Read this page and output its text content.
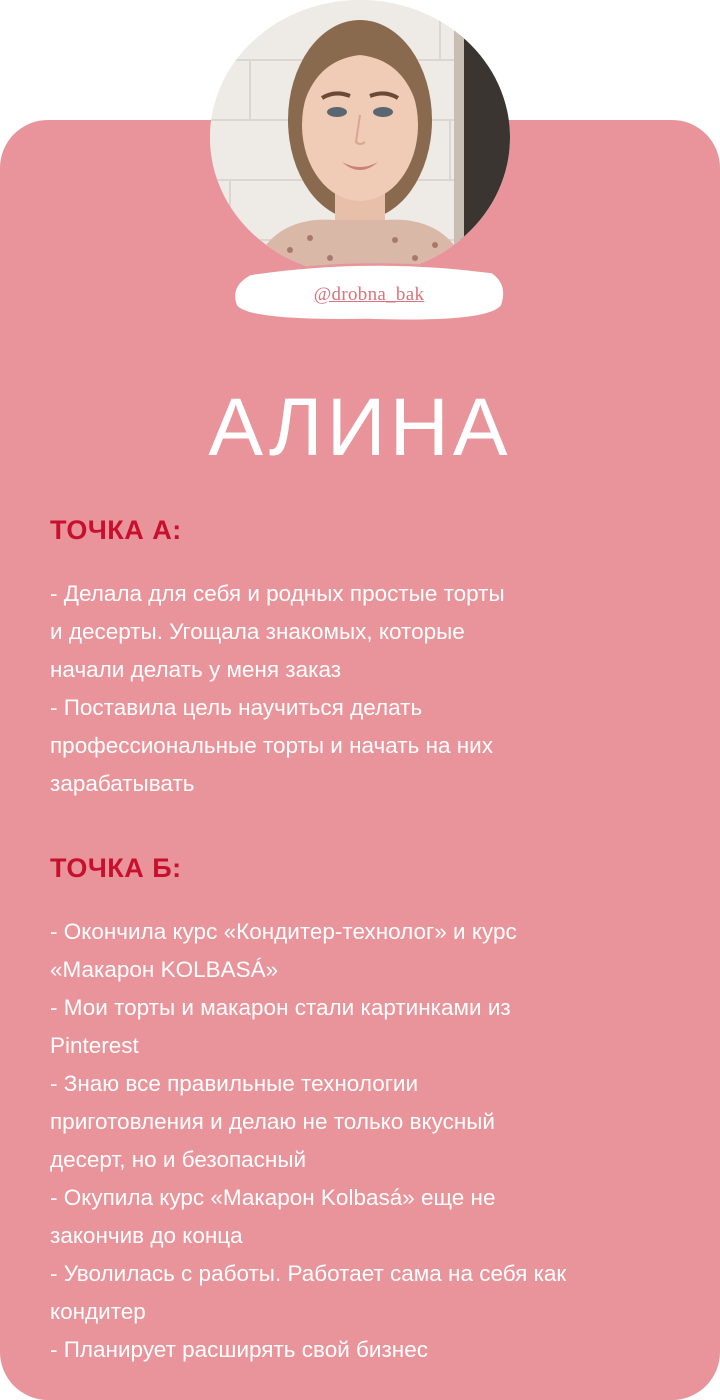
@drobna_bak
АЛИНА
ТОЧКА А:
- Делала для себя и родных простые торты
и десерты. Угощала знакомых, которые
начали делать у меня заказ
- Поставила цель научиться делать
профессиональные торты и начать на них
зарабатывать
ТОЧКА Б:
- Окончила курс «Кондитер-технолог» и курс
«Макарон KOLBASÁ»
- Мои торты и макарон стали картинками из
Pinterest
- Знаю все правильные технологии
приготовления и делаю не только вкусный
десерт, но и безопасный
- Окупила курс «Макарон Kolbasá» еще не
закончив до конца
- Уволилась с работы. Работает сама на себя как
кондитер
- Планирует расширять свой бизнес
